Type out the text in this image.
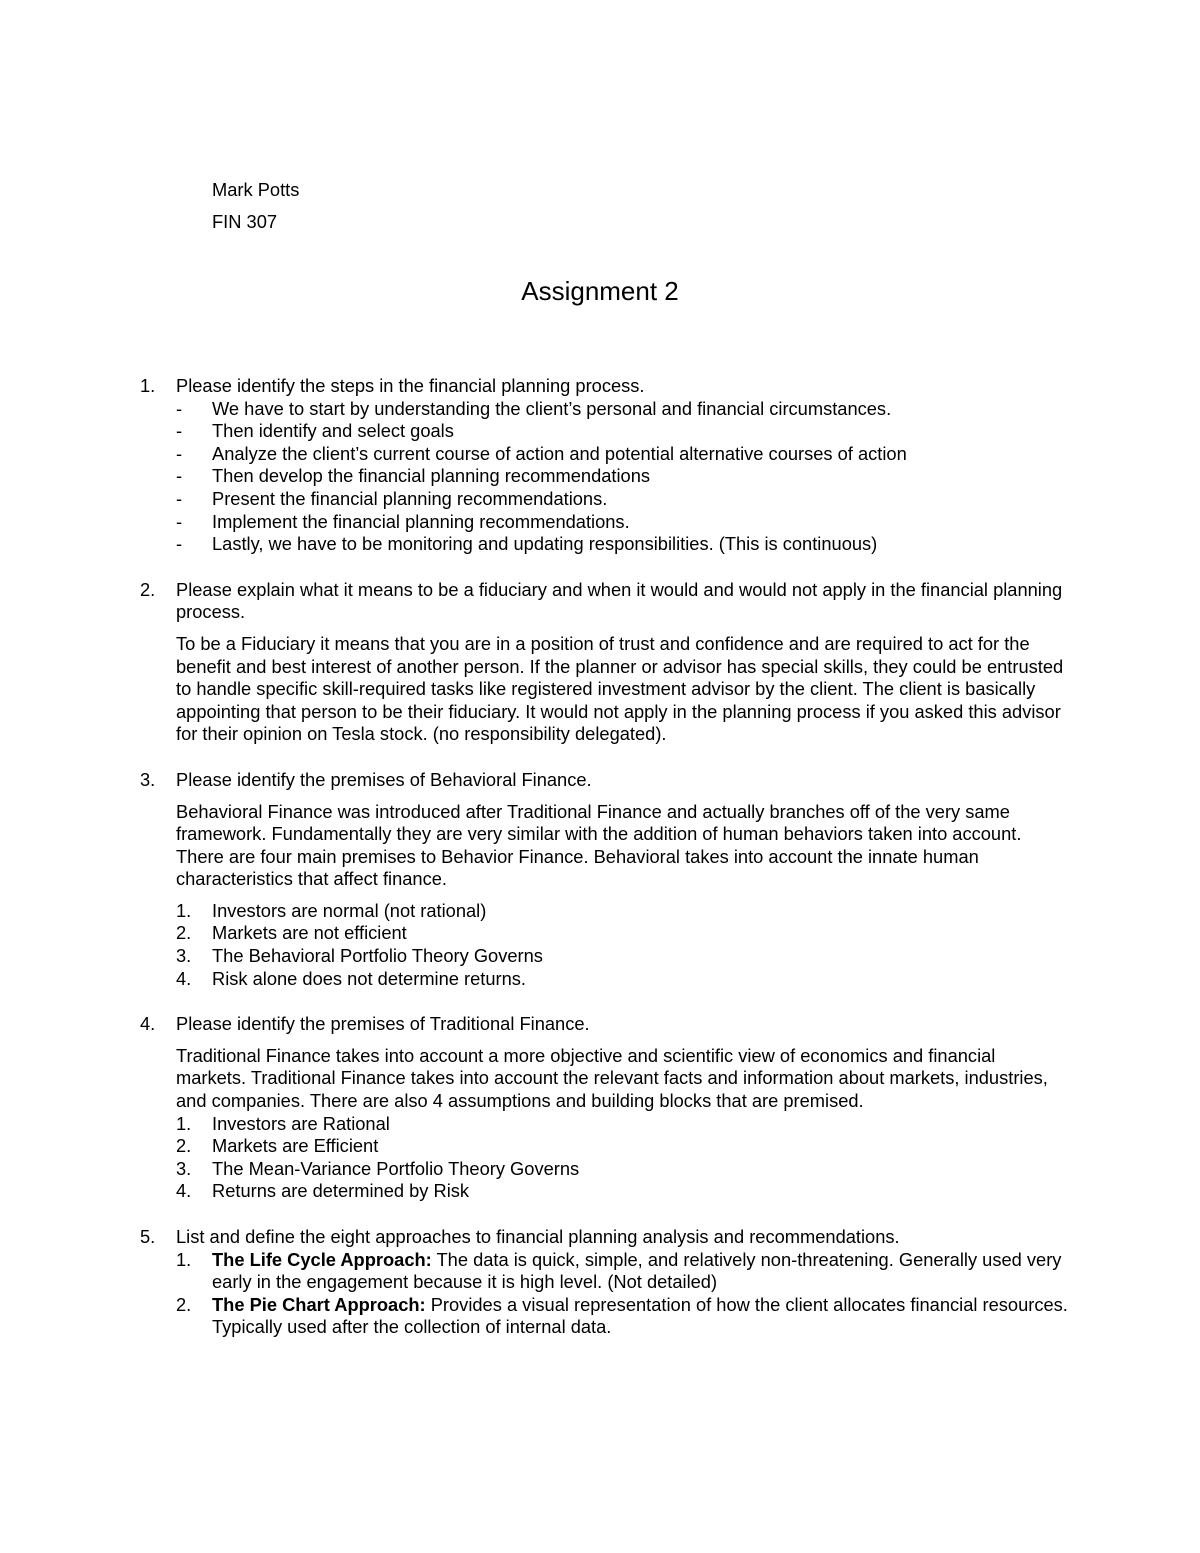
Mark Potts
FIN 307
Assignment 2
1.	Please identify the steps in the financial planning process.
-	We have to start by understanding the client’s personal and financial circumstances.
-	Then identify and select goals
-	Analyze the client’s current course of action and potential alternative courses of action
-	Then develop the financial planning recommendations
-	Present the financial planning recommendations.
-	Implement the financial planning recommendations.
-	Lastly, we have to be monitoring and updating responsibilities. (This is continuous)
2.	Please explain what it means to be a fiduciary and when it would and would not apply in the financial planning process.
To be a Fiduciary it means that you are in a position of trust and confidence and are required to act for the benefit and best interest of another person. If the planner or advisor has special skills, they could be entrusted to handle specific skill-required tasks like registered investment advisor by the client. The client is basically appointing that person to be their fiduciary. It would not apply in the planning process if you asked this advisor for their opinion on Tesla stock. (no responsibility delegated).
3.	Please identify the premises of Behavioral Finance.
Behavioral Finance was introduced after Traditional Finance and actually branches off of the very same framework. Fundamentally they are very similar with the addition of human behaviors taken into account. There are four main premises to Behavior Finance. Behavioral takes into account the innate human characteristics that affect finance.
1.	Investors are normal (not rational)
2.	Markets are not efficient
3.	The Behavioral Portfolio Theory Governs
4.	Risk alone does not determine returns.
4.	Please identify the premises of Traditional Finance.
Traditional Finance takes into account a more objective and scientific view of economics and financial markets. Traditional Finance takes into account the relevant facts and information about markets, industries, and companies. There are also 4 assumptions and building blocks that are premised.
1.	Investors are Rational
2.	Markets are Efficient
3.	The Mean-Variance Portfolio Theory Governs
4.	Returns are determined by Risk
5.	List and define the eight approaches to financial planning analysis and recommendations.
1.	The Life Cycle Approach: The data is quick, simple, and relatively non-threatening. Generally used very early in the engagement because it is high level. (Not detailed)
2.	The Pie Chart Approach: Provides a visual representation of how the client allocates financial resources. Typically used after the collection of internal data.
